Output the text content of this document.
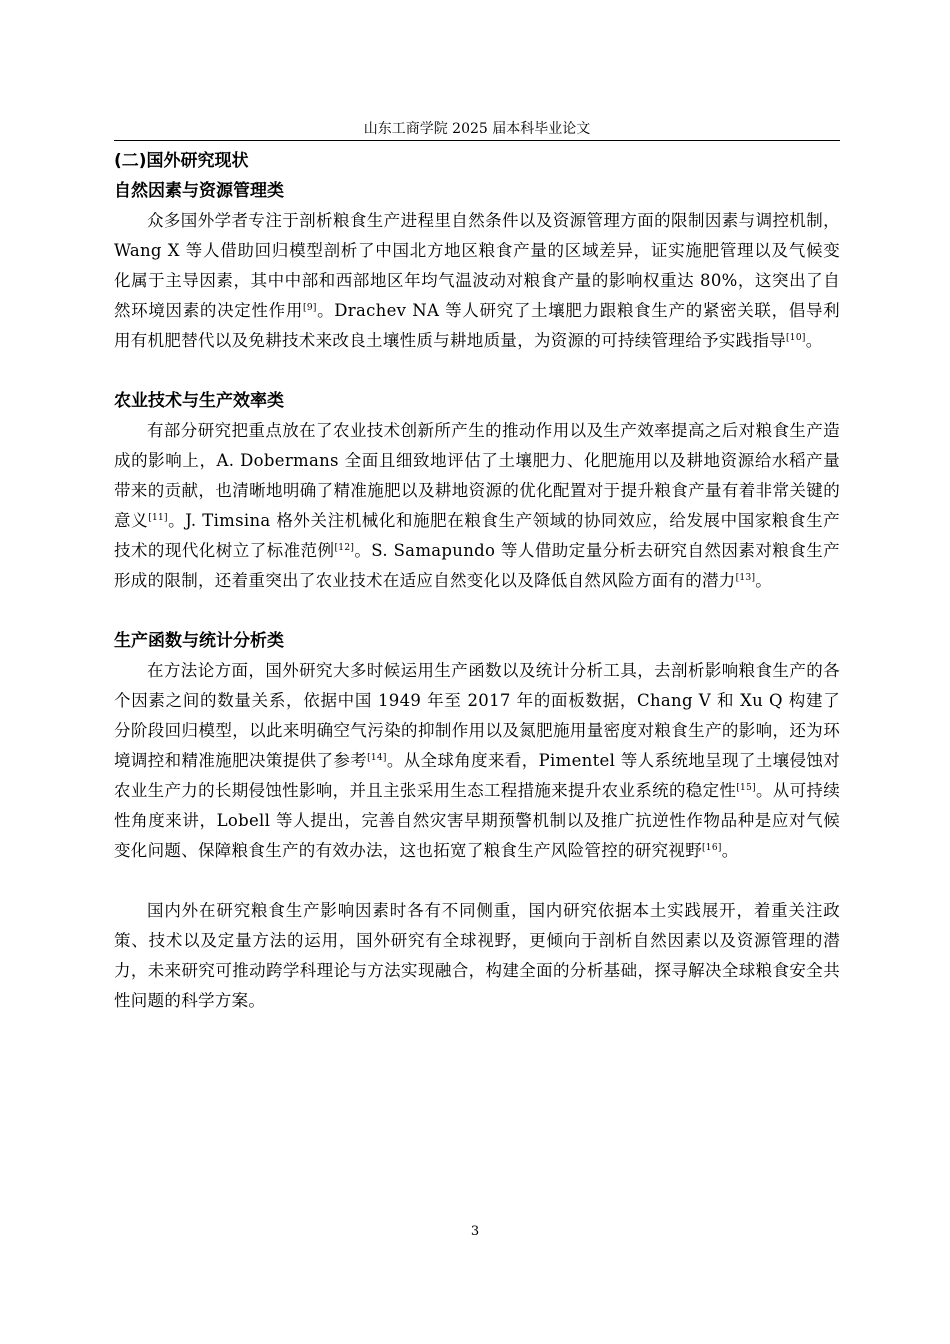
山东工商学院 2025 届本科毕业论文
(二)国外研究现状
自然因素与资源管理类

众多国外学者专注于剖析粮食生产进程里自然条件以及资源管理方面的限制因素与调控机制，Wang X 等人借助回归模型剖析了中国北方地区粮食产量的区域差异，证实施肥管理以及气候变化属于主导因素，其中中部和西部地区年均气温波动对粮食产量的影响权重达 80%，这突出了自然环境因素的决定性作用[9]。Drachev NA 等人研究了土壤肥力跟粮食生产的紧密关联，倡导利用有机肥替代以及免耕技术来改良土壤性质与耕地质量，为资源的可持续管理给予实践指导[10]。

农业技术与生产效率类

有部分研究把重点放在了农业技术创新所产生的推动作用以及生产效率提高之后对粮食生产造成的影响上，A. Dobermans 全面且细致地评估了土壤肥力、化肥施用以及耕地资源给水稻产量带来的贡献，也清晰地明确了精准施肥以及耕地资源的优化配置对于提升粮食产量有着非常关键的意义[11]。J. Timsina 格外关注机械化和施肥在粮食生产领域的协同效应，给发展中国家粮食生产技术的现代化树立了标准范例[12]。S. Samapundo 等人借助定量分析去研究自然因素对粮食生产形成的限制，还着重突出了农业技术在适应自然变化以及降低自然风险方面有的潜力[13]。

生产函数与统计分析类

在方法论方面，国外研究大多时候运用生产函数以及统计分析工具，去剖析影响粮食生产的各个因素之间的数量关系，依据中国 1949 年至 2017 年的面板数据，Chang V 和 Xu Q 构建了分阶段回归模型，以此来明确空气污染的抑制作用以及氮肥施用量密度对粮食生产的影响，还为环境调控和精准施肥决策提供了参考[14]。从全球角度来看，Pimentel 等人系统地呈现了土壤侵蚀对农业生产力的长期侵蚀性影响，并且主张采用生态工程措施来提升农业系统的稳定性[15]。从可持续性角度来讲，Lobell 等人提出，完善自然灾害早期预警机制以及推广抗逆性作物品种是应对气候变化问题、保障粮食生产的有效办法，这也拓宽了粮食生产风险管控的研究视野[16]。

国内外在研究粮食生产影响因素时各有不同侧重，国内研究依据本土实践展开，着重关注政策、技术以及定量方法的运用，国外研究有全球视野，更倾向于剖析自然因素以及资源管理的潜力，未来研究可推动跨学科理论与方法实现融合，构建全面的分析基础，探寻解决全球粮食安全共性问题的科学方案。

3
